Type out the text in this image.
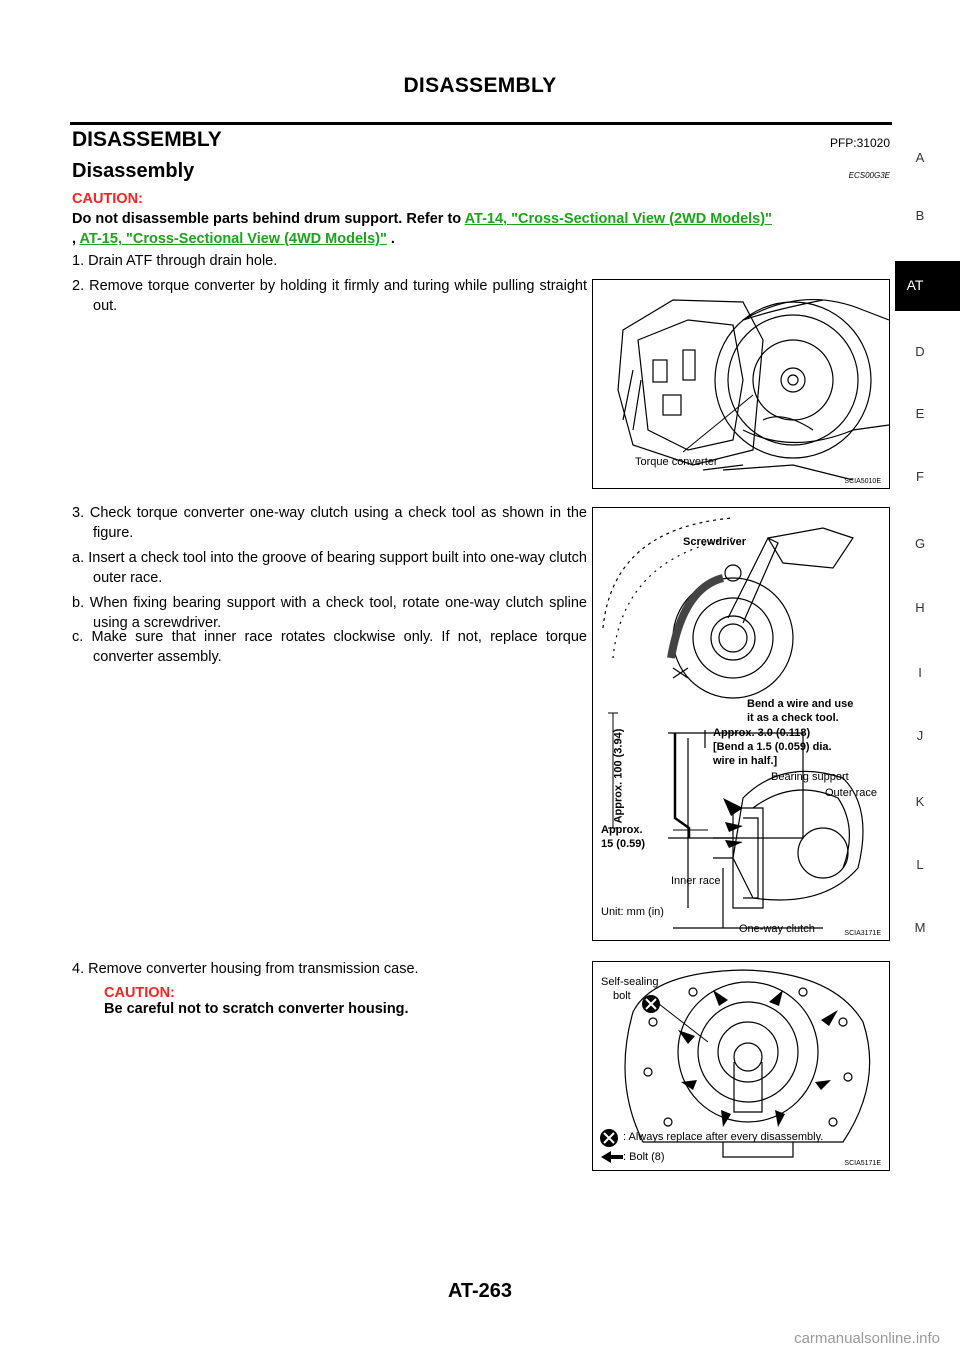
DISASSEMBLY
DISASSEMBLY	PFP:31020
Disassembly	ECS00G3E
CAUTION:
Do not disassemble parts behind drum support. Refer to AT-14, "Cross-Sectional View (2WD Models)"
, AT-15, "Cross-Sectional View (4WD Models)" .
1. Drain ATF through drain hole.
2. Remove torque converter by holding it firmly and turing while pulling straight out.
3. Check torque converter one-way clutch using a check tool as shown in the figure.
a. Insert a check tool into the groove of bearing support built into one-way clutch outer race.
b. When fixing bearing support with a check tool, rotate one-way clutch spline using a screwdriver.
c. Make sure that inner race rotates clockwise only. If not, replace torque converter assembly.
4. Remove converter housing from transmission case.
CAUTION:
Be careful not to scratch converter housing.
Torque converter
SCIA5010E
Screwdriver
Bend a wire and use
it as a check tool.
Approx. 3.0 (0.118)
[Bend a 1.5 (0.059) dia.
wire in half.]
Bearing support
Outer race
Approx. 100 (3.94)
Approx.
15 (0.59)
Inner race
Unit: mm (in)
One-way clutch	SCIA3171E
Self-sealing
bolt
: Always replace after every disassembly.
: Bolt (8)
SCIA5171E
AT
A
B
D
E
F
G
H
I
J
K
L
M
AT-263
carmanualsonline.info
